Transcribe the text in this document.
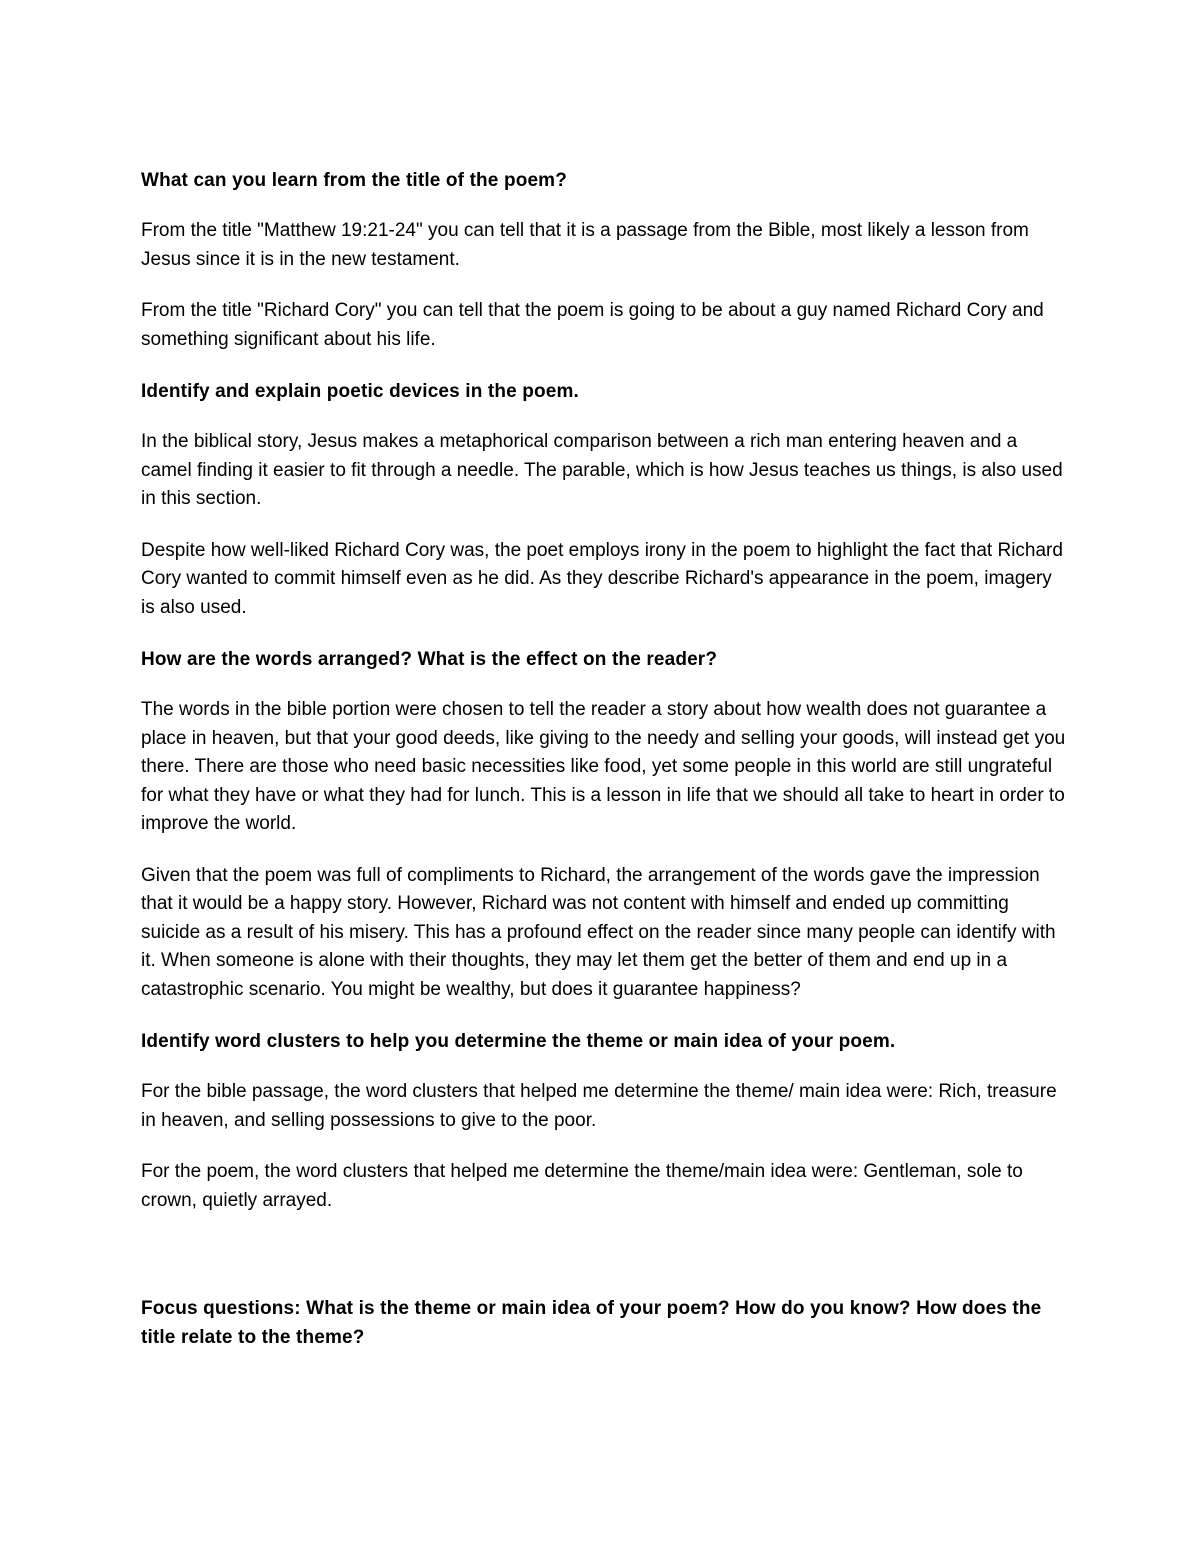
What can you learn from the title of the poem?
From the title "Matthew 19:21-24" you can tell that it is a passage from the Bible, most likely a lesson from Jesus since it is in the new testament.
From the title "Richard Cory" you can tell that the poem is going to be about a guy named Richard Cory and something significant about his life.
Identify and explain poetic devices in the poem.
In the biblical story, Jesus makes a metaphorical comparison between a rich man entering heaven and a camel finding it easier to fit through a needle. The parable, which is how Jesus teaches us things, is also used in this section.
Despite how well-liked Richard Cory was, the poet employs irony in the poem to highlight the fact that Richard Cory wanted to commit himself even as he did. As they describe Richard's appearance in the poem, imagery is also used.
How are the words arranged? What is the effect on the reader?
The words in the bible portion were chosen to tell the reader a story about how wealth does not guarantee a place in heaven, but that your good deeds, like giving to the needy and selling your goods, will instead get you there. There are those who need basic necessities like food, yet some people in this world are still ungrateful for what they have or what they had for lunch. This is a lesson in life that we should all take to heart in order to improve the world.
Given that the poem was full of compliments to Richard, the arrangement of the words gave the impression that it would be a happy story. However, Richard was not content with himself and ended up committing suicide as a result of his misery. This has a profound effect on the reader since many people can identify with it. When someone is alone with their thoughts, they may let them get the better of them and end up in a catastrophic scenario. You might be wealthy, but does it guarantee happiness?
Identify word clusters to help you determine the theme or main idea of your poem.
For the bible passage, the word clusters that helped me determine the theme/ main idea were: Rich, treasure in heaven, and selling possessions to give to the poor.
For the poem, the word clusters that helped me determine the theme/main idea were: Gentleman, sole to crown, quietly arrayed.
Focus questions: What is the theme or main idea of your poem? How do you know? How does the title relate to the theme?
